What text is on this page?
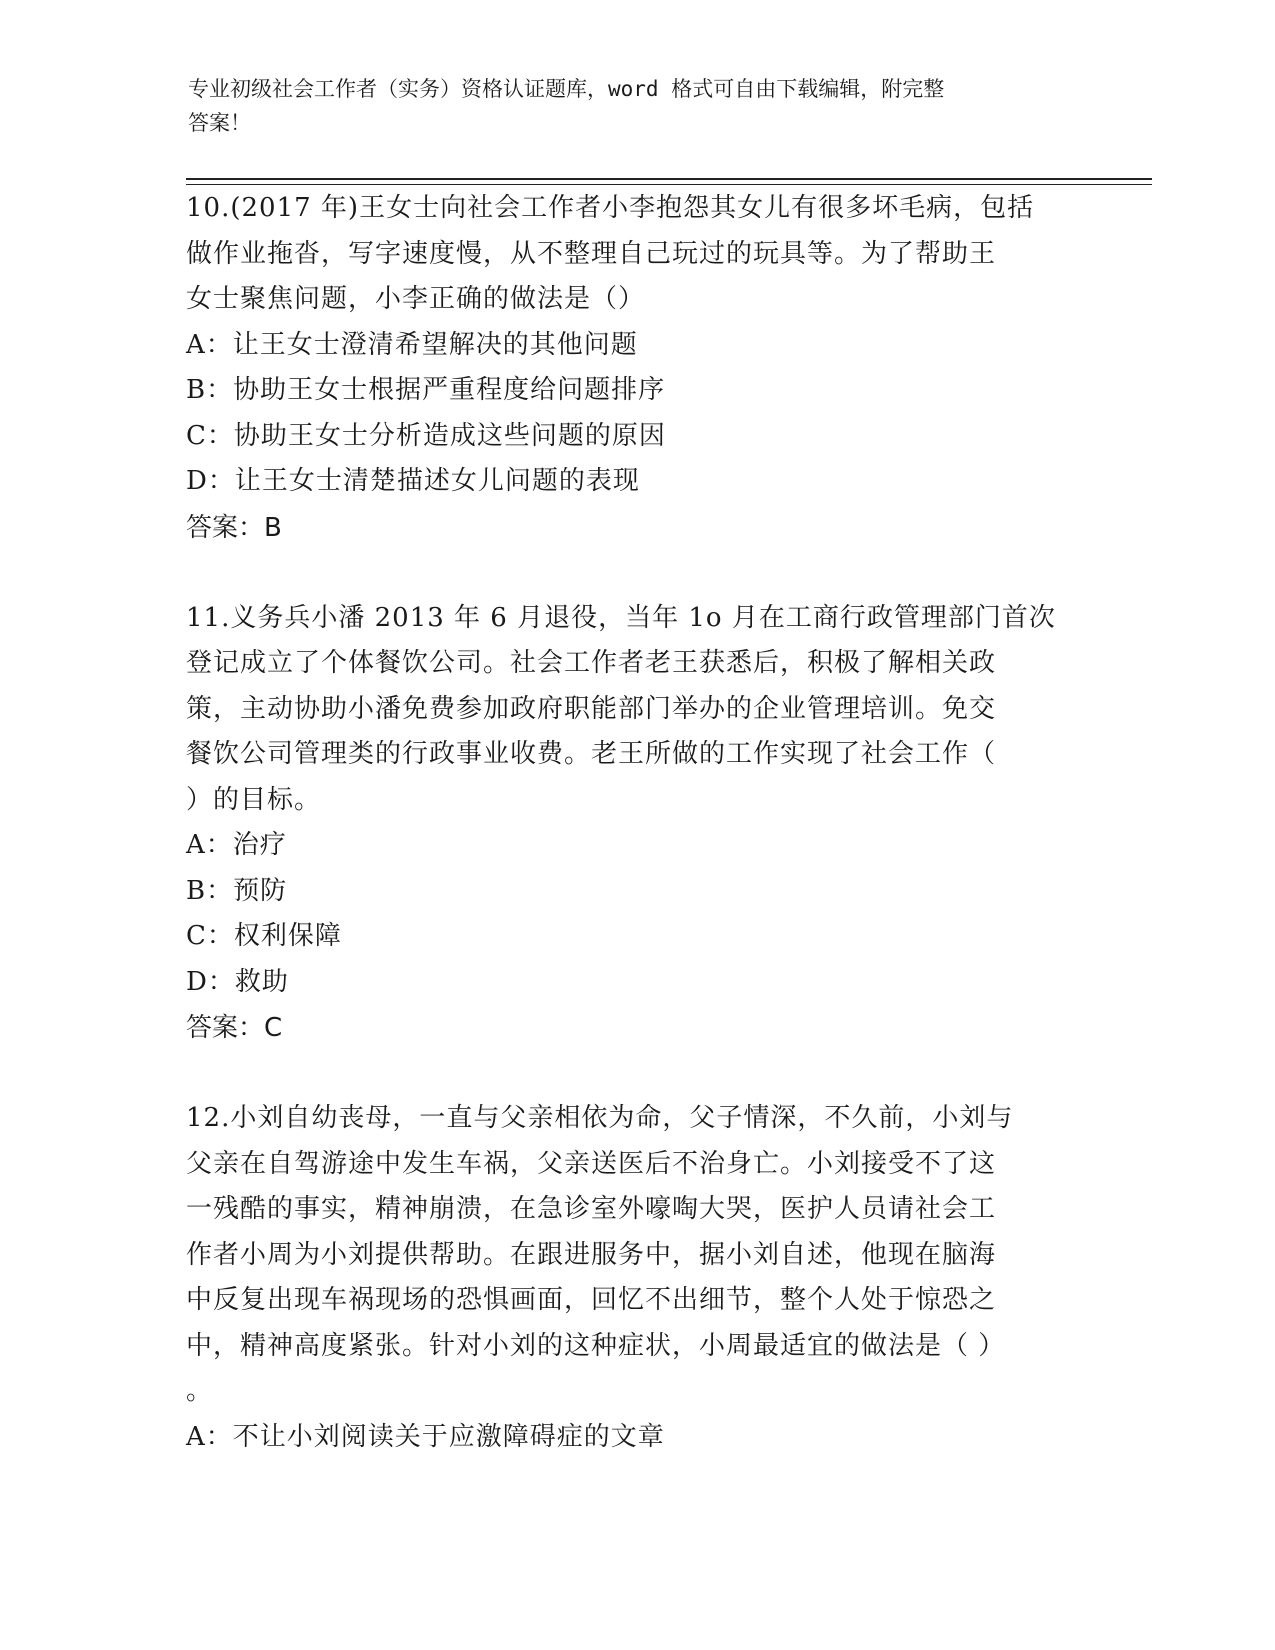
专业初级社会工作者（实务）资格认证题库，word 格式可自由下载编辑，附完整
答案！

10.(2017 年)王女士向社会工作者小李抱怨其女儿有很多坏毛病，包括

做作业拖沓，写字速度慢，从不整理自己玩过的玩具等。为了帮助王

女士聚焦问题，小李正确的做法是（）

A：让王女士澄清希望解决的其他问题

B：协助王女士根据严重程度给问题排序

C：协助王女士分析造成这些问题的原因

D：让王女士清楚描述女儿问题的表现

答案：B

11.义务兵小潘 2013 年 6 月退役，当年 1o 月在工商行政管理部门首次

登记成立了个体餐饮公司。社会工作者老王获悉后，积极了解相关政

策，主动协助小潘免费参加政府职能部门举办的企业管理培训。免交

餐饮公司管理类的行政事业收费。老王所做的工作实现了社会工作（

）的目标。

A：治疗

B：预防

C：权利保障

D：救助

答案：C

12.小刘自幼丧母，一直与父亲相依为命，父子情深，不久前，小刘与

父亲在自驾游途中发生车祸，父亲送医后不治身亡。小刘接受不了这

一残酷的事实，精神崩溃，在急诊室外嚎啕大哭，医护人员请社会工

作者小周为小刘提供帮助。在跟进服务中，据小刘自述，他现在脑海

中反复出现车祸现场的恐惧画面，回忆不出细节，整个人处于惊恐之

中，精神高度紧张。针对小刘的这种症状，小周最适宜的做法是（ ）

。

A：不让小刘阅读关于应激障碍症的文章
